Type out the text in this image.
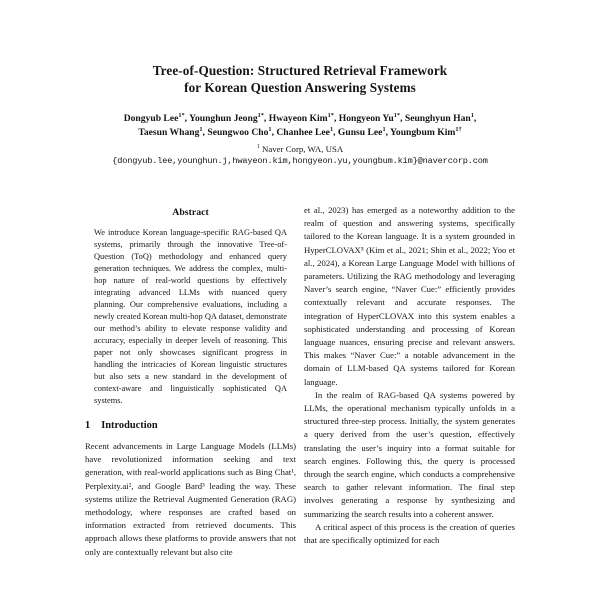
Tree-of-Question: Structured Retrieval Framework
for Korean Question Answering Systems
Dongyub Lee$^{1*}$, Younghun Jeong$^{1*}$, Hwayeon Kim$^{1*}$, Hongyeon $Yu^{1*}$, Seunghyun Han$^1$,
Taesun Whang$^1$, Seungwoo Cho$^1$, Chanhee Lee$^1$, Gunsu Lee$^1$, Youngbum Kim$^{1\dagger}$
$^1$ Naver Corp, WA, USA
{dongyub.lee,younghun.j,hwayeon.kim,hongyeon.yu,youngbum.kim}@navercorp.com
Abstract

We introduce Korean language-specific RAG-based QA systems, primarily through the innovative Tree-of-Question (ToQ) methodology and enhanced query generation techniques. We address the complex, multi-hop nature of real-world questions by effectively integrating advanced LLMs with nuanced query planning. Our comprehensive evaluations, including a newly created Korean multi-hop QA dataset, demonstrate our method’s ability to elevate response validity and accuracy, especially in deeper levels of reasoning. This paper not only showcases significant progress in handling the intricacies of Korean linguistic structures but also sets a new standard in the development of context-aware and linguistically sophisticated QA systems.

1 Introduction

Recent advancements in Large Language Models (LLMs) have revolutionized information seeking and text generation, with real-world applications such as Bing Chat¹, Perplexity.ai², and Google Bard³ leading the way. These systems utilize the Retrieval Augmented Generation (RAG) methodology, where responses are crafted based on information extracted from retrieved documents. This approach allows these platforms to provide answers that not only are contextually relevant but also cite

et al., 2023) has emerged as a noteworthy addition to the realm of question and answering systems, specifically tailored to the Korean language. It is a system grounded in HyperCLOVAX⁵ (Kim et al., 2021; Shin et al., 2022; Yoo et al., 2024), a Korean Large Language Model with billions of parameters. Utilizing the RAG methodology and leveraging Naver’s search engine, “Naver Cue:” efficiently provides contextually relevant and accurate responses. The integration of HyperCLOVAX into this system enables a sophisticated understanding and processing of Korean language nuances, ensuring precise and relevant answers. This makes “Naver Cue:” a notable advancement in the domain of LLM-based QA systems tailored for Korean language.

In the realm of RAG-based QA systems powered by LLMs, the operational mechanism typically unfolds in a structured three-step process. Initially, the system generates a query derived from the user’s question, effectively translating the user’s inquiry into a format suitable for search engines. Following this, the query is processed through the search engine, which conducts a comprehensive search to gather relevant information. The final step involves generating a response by synthesizing and summarizing the search results into a coherent answer.

A critical aspect of this process is the creation of queries that are specifically optimized for each
